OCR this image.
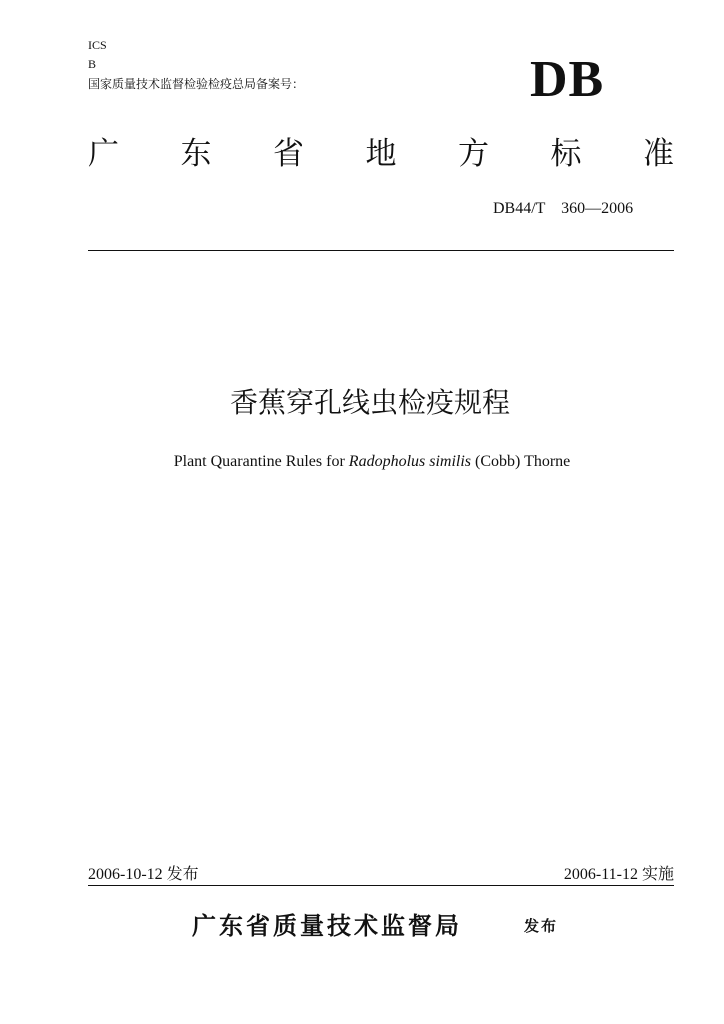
ICS
B
国家质量技术监督检验检疫总局备案号：	DB
广 东 省 地 方 标 准
DB44/T    360—2006
香蕉穿孔线虫检疫规程
Plant Quarantine Rules for Radopholus similis (Cobb) Thorne
2006-10-12 发布	2006-11-12 实施
广东省质量技术监督局	发布
